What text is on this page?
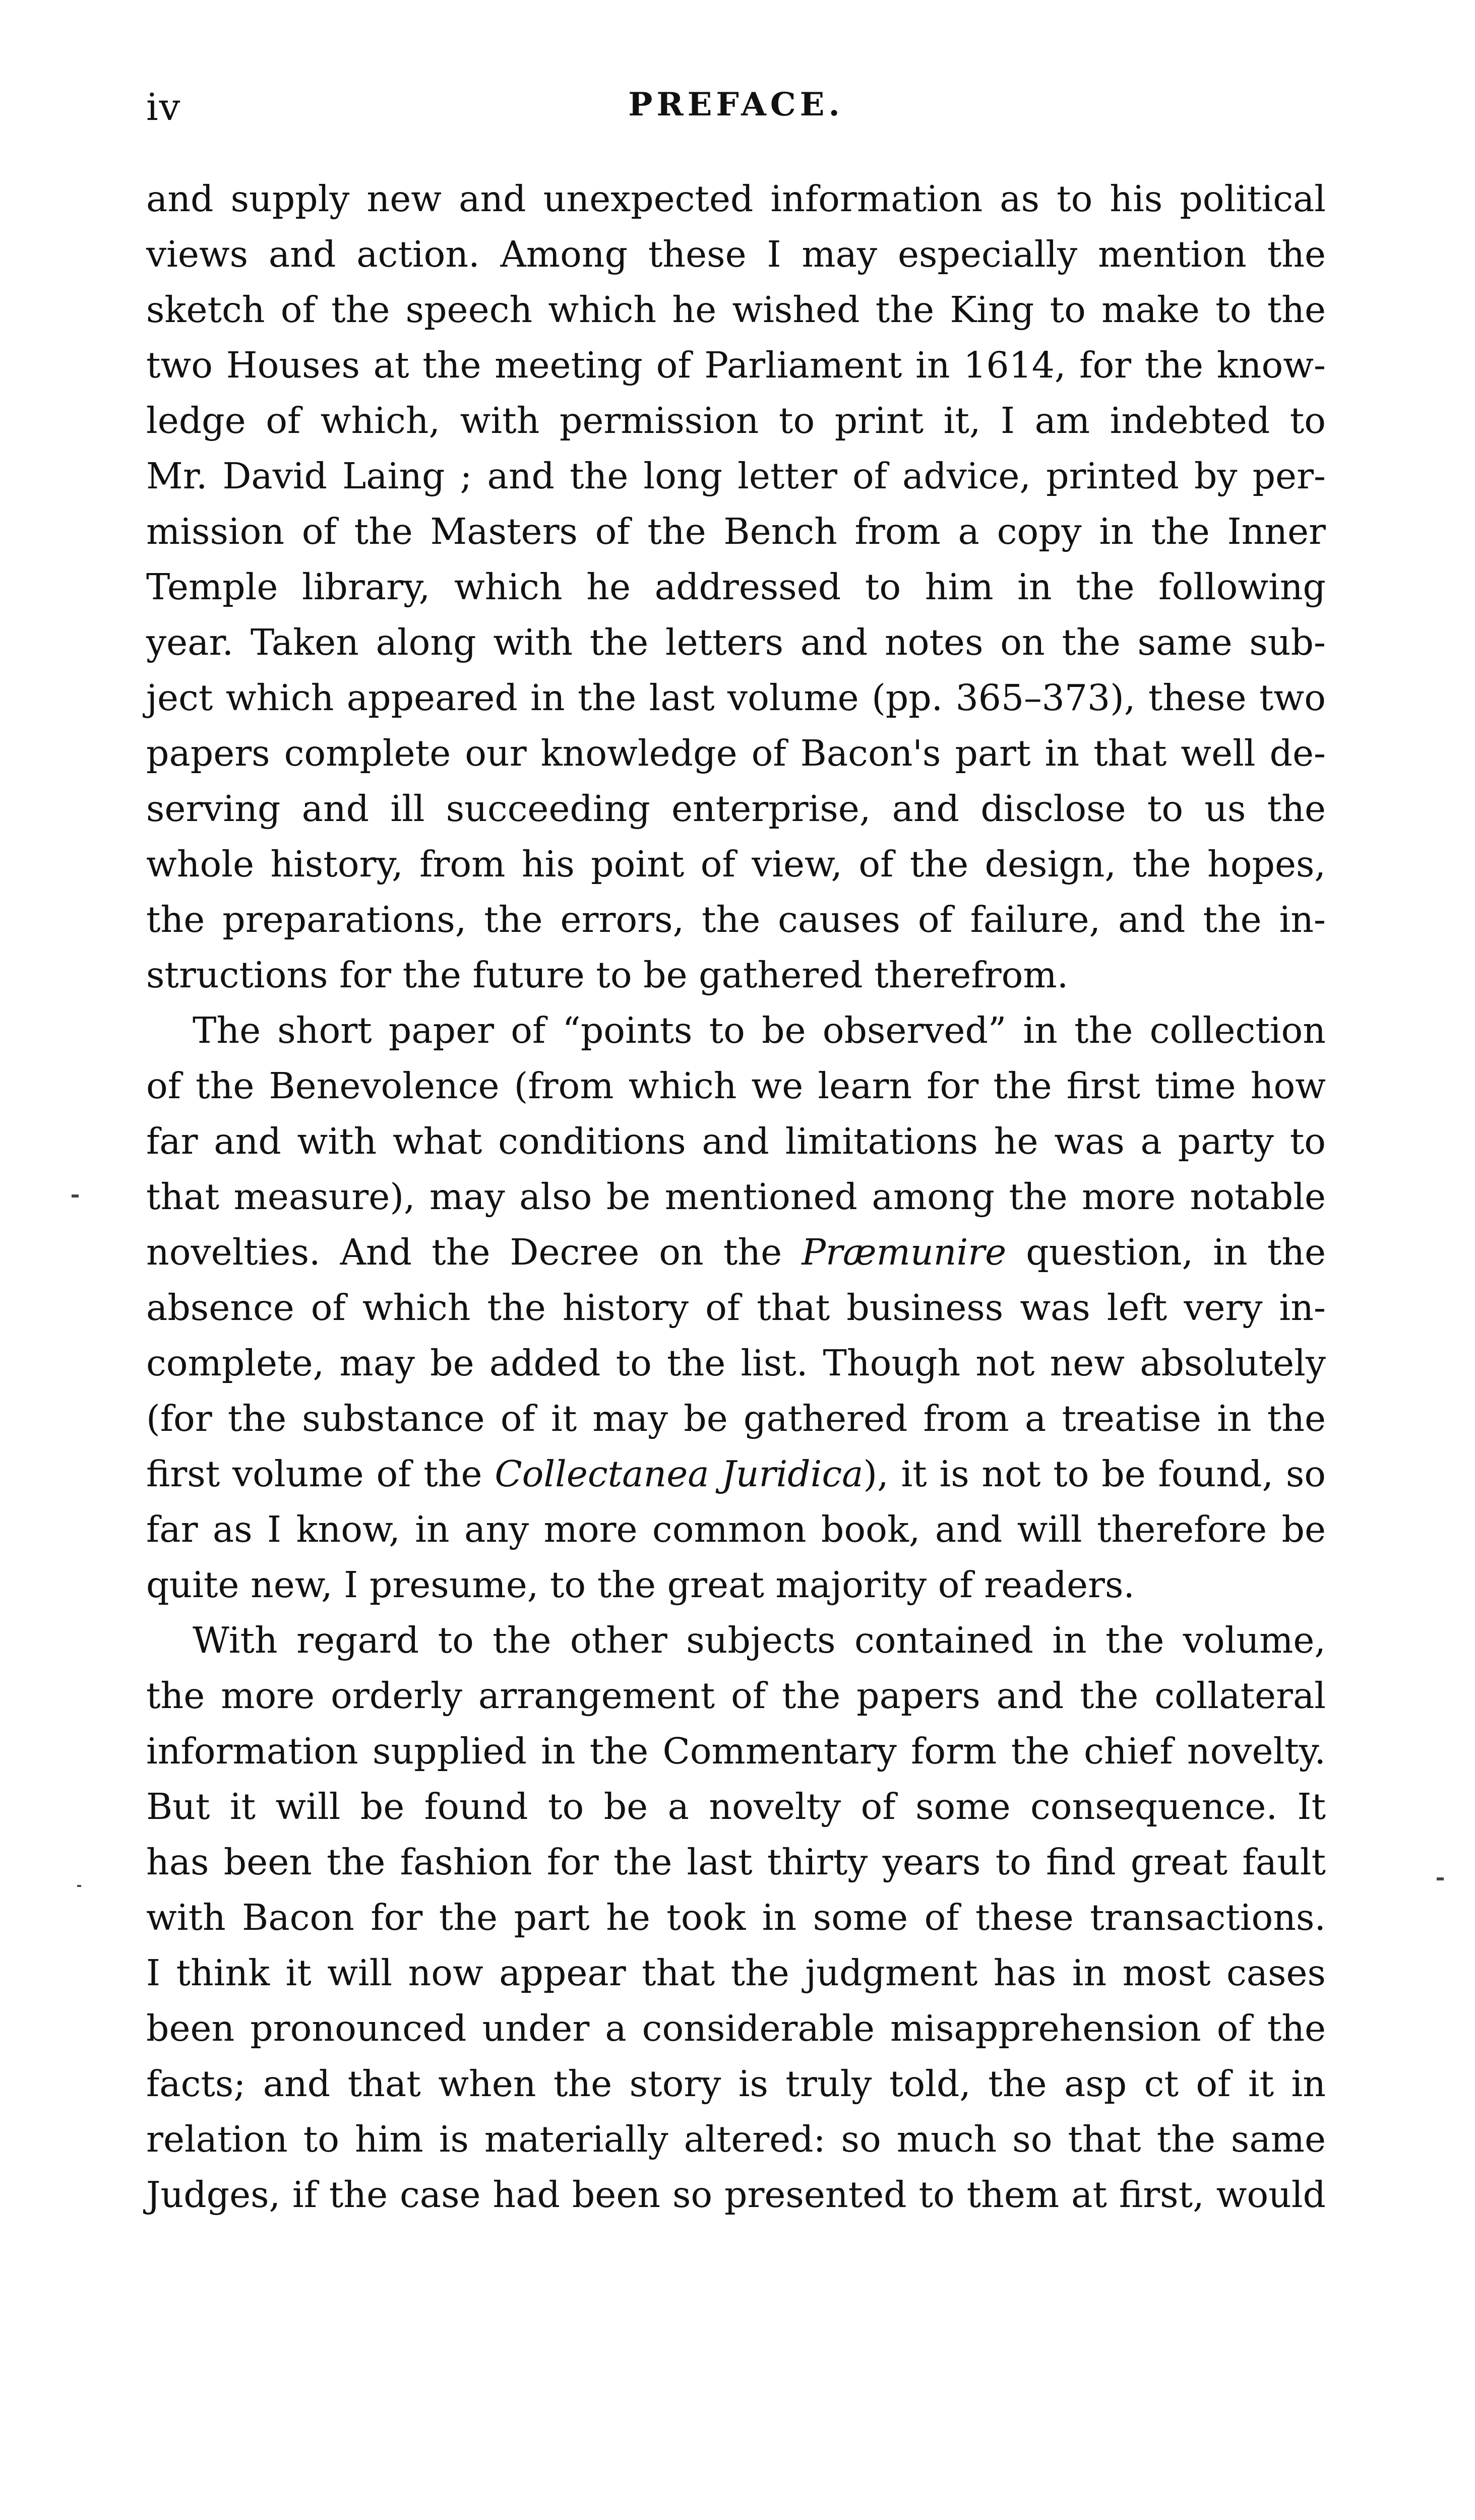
iv	PREFACE.
and supply new and unexpected information as to his political
views and action. Among these I may especially mention the
sketch of the speech which he wished the King to make to the
two Houses at the meeting of Parliament in 1614, for the know-
ledge of which, with permission to print it, I am indebted to
Mr. David Laing ; and the long letter of advice, printed by per-
mission of the Masters of the Bench from a copy in the Inner
Temple library, which he addressed to him in the following
year. Taken along with the letters and notes on the same sub-
ject which appeared in the last volume (pp. 365–373), these two
papers complete our knowledge of Bacon's part in that well de-
serving and ill succeeding enterprise, and disclose to us the
whole history, from his point of view, of the design, the hopes,
the preparations, the errors, the causes of failure, and the in-
structions for the future to be gathered therefrom.
The short paper of “points to be observed” in the collection
of the Benevolence (from which we learn for the first time how
far and with what conditions and limitations he was a party to
that measure), may also be mentioned among the more notable
novelties. And the Decree on the Præmunire question, in the
absence of which the history of that business was left very in-
complete, may be added to the list. Though not new absolutely
(for the substance of it may be gathered from a treatise in the
first volume of the Collectanea Juridica), it is not to be found, so
far as I know, in any more common book, and will therefore be
quite new, I presume, to the great majority of readers.
With regard to the other subjects contained in the volume,
the more orderly arrangement of the papers and the collateral
information supplied in the Commentary form the chief novelty.
But it will be found to be a novelty of some consequence. It
has been the fashion for the last thirty years to find great fault
with Bacon for the part he took in some of these transactions.
I think it will now appear that the judgment has in most cases
been pronounced under a considerable misapprehension of the
facts; and that when the story is truly told, the asp ct of it in
relation to him is materially altered: so much so that the same
Judges, if the case had been so presented to them at first, would
